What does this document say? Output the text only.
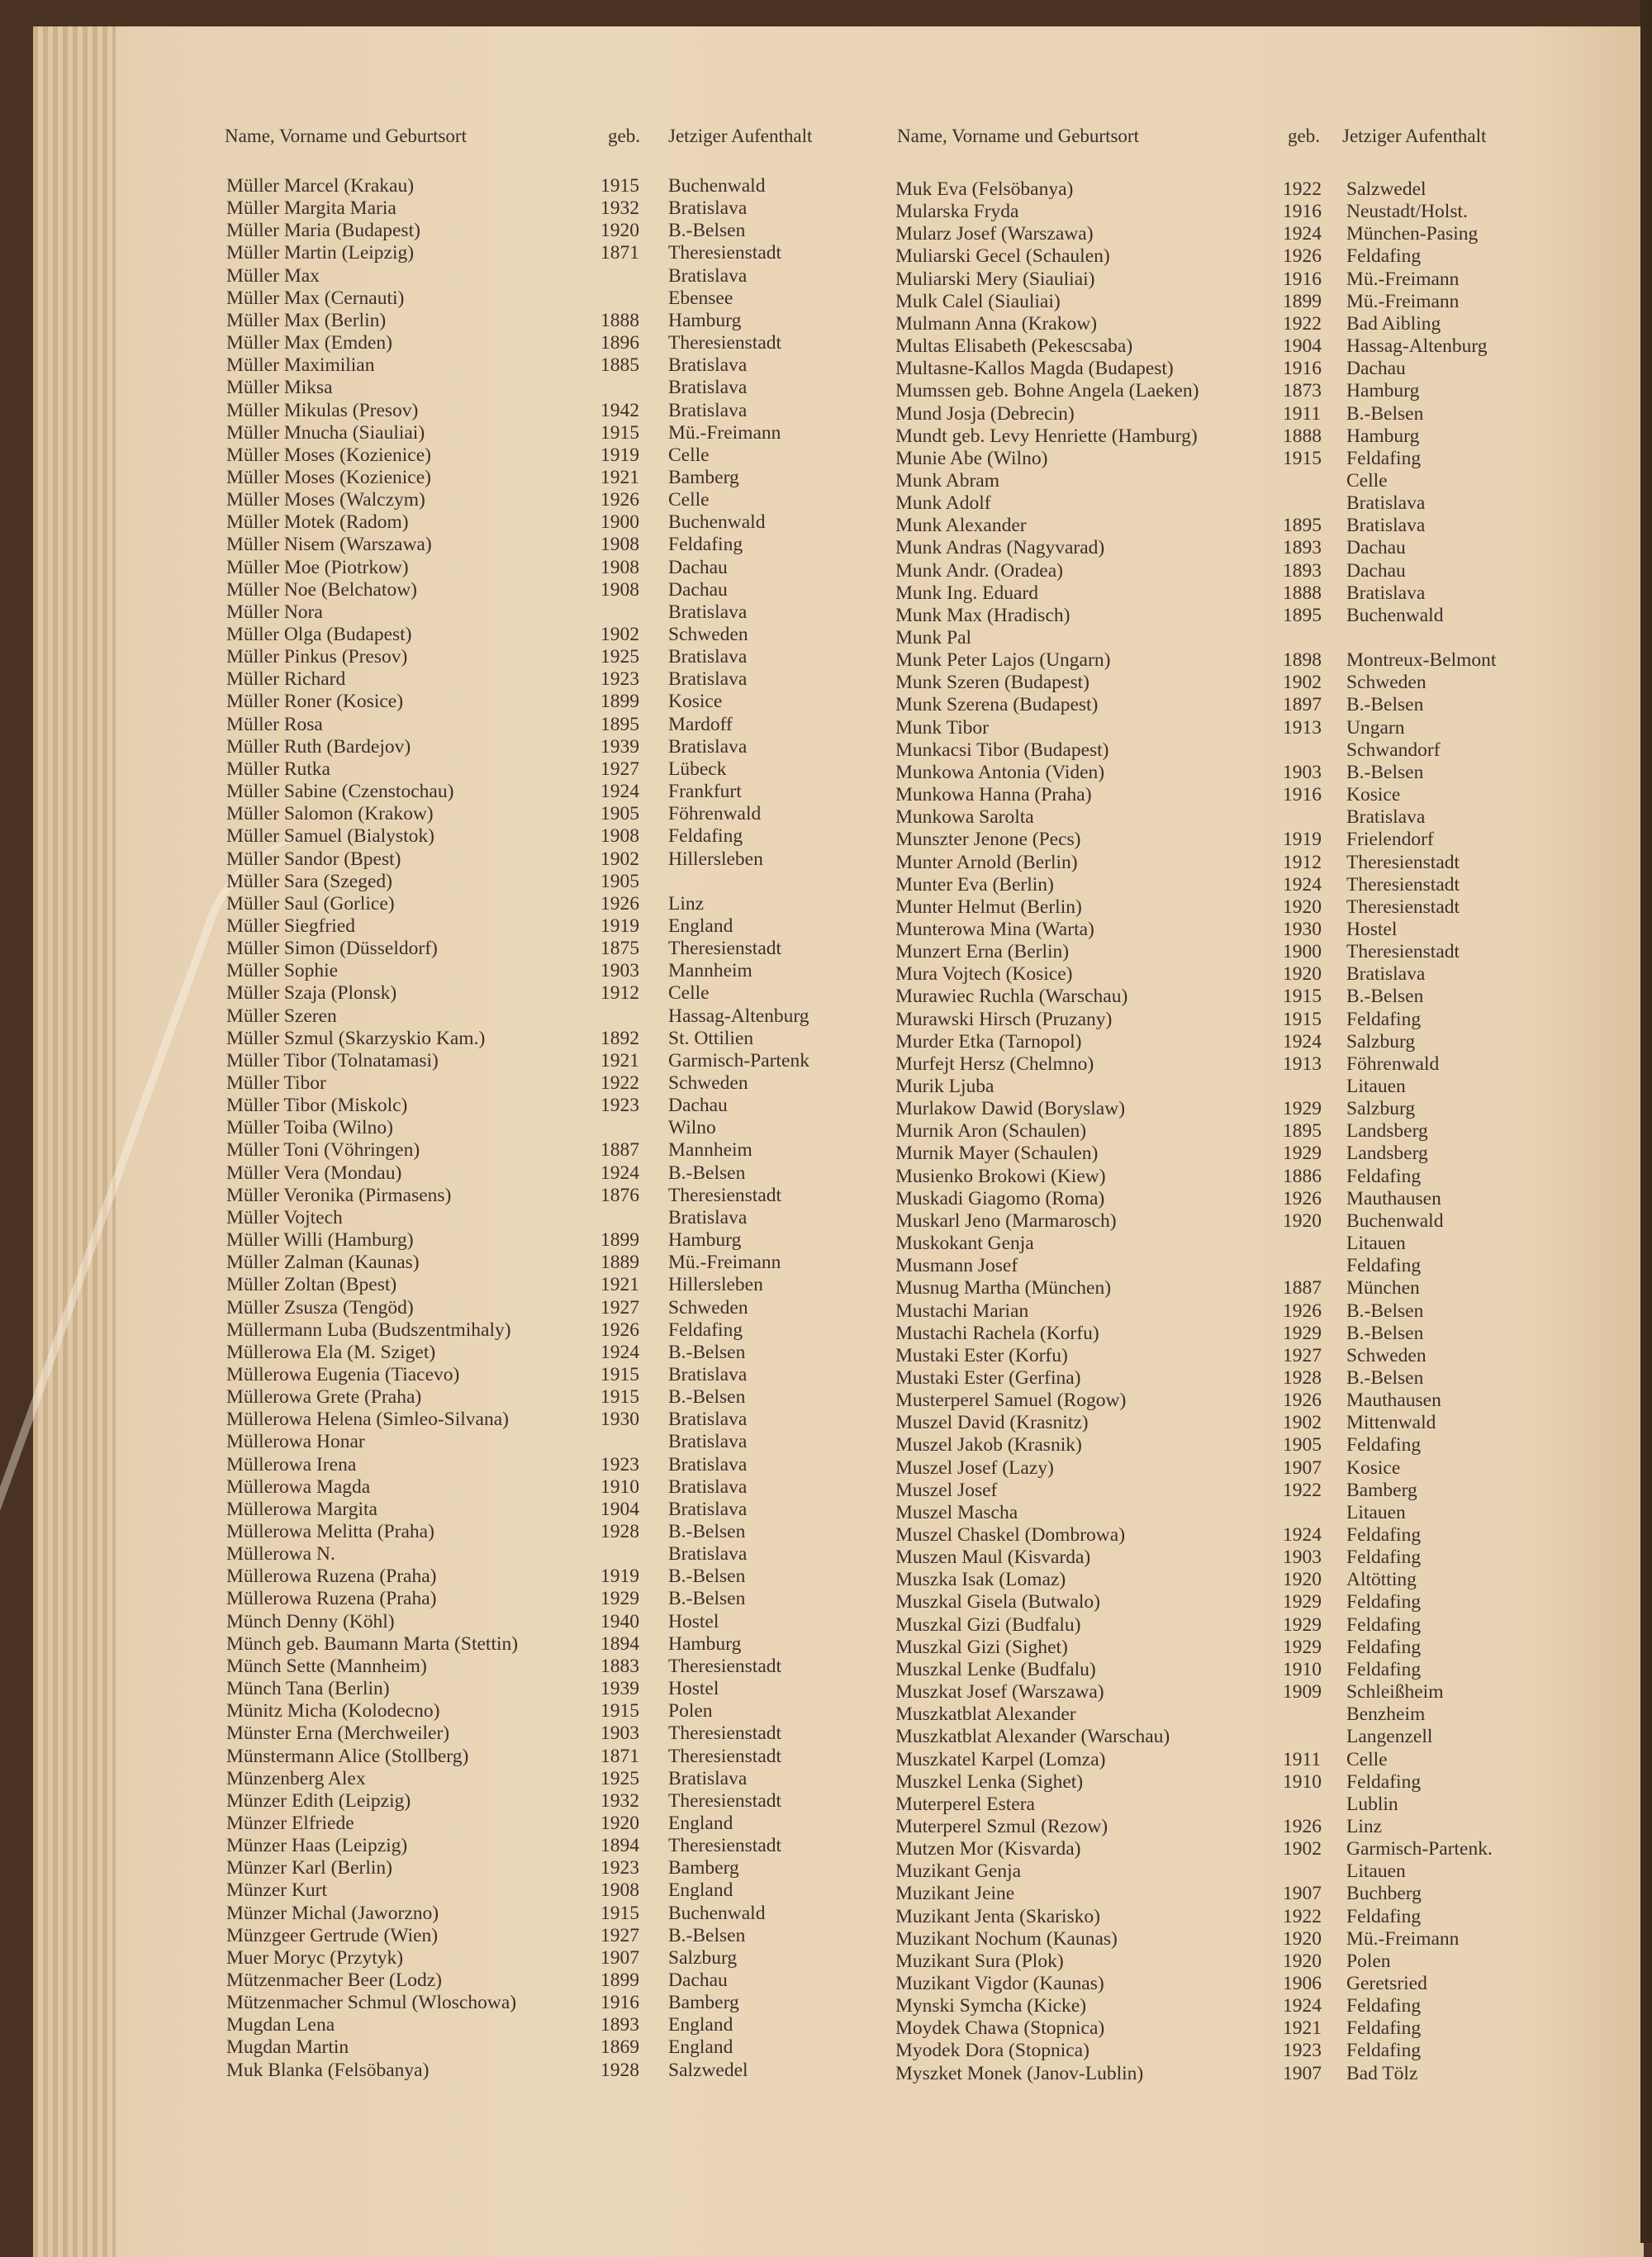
Name, Vorname und Geburtsort	geb. Jetziger Aufenthalt	Name, Vorname und Geburtsort	geb. Jetziger Aufenthalt
Müller Marcel (Krakau)	1915 Buchenwald
Müller Margita Maria	1932 Bratislava
Müller Maria (Budapest)	1920 B.-Belsen
Müller Martin (Leipzig)	1871 Theresienstadt
Müller Max	Bratislava
Müller Max (Cernauti)	Ebensee
Müller Max (Berlin)	1888 Hamburg
Müller Max (Emden)	1896 Theresienstadt
Müller Maximilian	1885 Bratislava
Müller Miksa	Bratislava
Müller Mikulas (Presov)	1942 Bratislava
Müller Mnucha (Siauliai)	1915 Mü.-Freimann
Müller Moses (Kozienice)	1919 Celle
Müller Moses (Kozienice)	1921 Bamberg
Müller Moses (Walczym)	1926 Celle
Müller Motek (Radom)	1900 Buchenwald
Müller Nisem (Warszawa)	1908 Feldafing
Müller Moe (Piotrkow)	1908 Dachau
Müller Noe (Belchatow)	1908 Dachau
Müller Nora	Bratislava
Müller Olga (Budapest)	1902 Schweden
Müller Pinkus (Presov)	1925 Bratislava
Müller Richard	1923 Bratislava
Müller Roner (Kosice)	1899 Kosice
Müller Rosa	1895 Mardoff
Müller Ruth (Bardejov)	1939 Bratislava
Müller Rutka	1927 Lübeck
Müller Sabine (Czenstochau)	1924 Frankfurt
Müller Salomon (Krakow)	1905 Föhrenwald
Müller Samuel (Bialystok)	1908 Feldafing
Müller Sandor (Bpest)	1902 Hillersleben
Müller Sara (Szeged)	1905
Müller Saul (Gorlice)	1926 Linz
Müller Siegfried	1919 England
Müller Simon (Düsseldorf)	1875 Theresienstadt
Müller Sophie	1903 Mannheim
Müller Szaja (Plonsk)	1912 Celle
Müller Szeren	Hassag-Altenburg
Müller Szmul (Skarzyskio Kam.)	1892 St. Ottilien
Müller Tibor (Tolnatamasi)	1921 Garmisch-Partenk
Müller Tibor	1922 Schweden
Müller Tibor (Miskolc)	1923 Dachau
Müller Toiba (Wilno)	Wilno
Müller Toni (Vöhringen)	1887 Mannheim
Müller Vera (Mondau)	1924 B.-Belsen
Müller Veronika (Pirmasens)	1876 Theresienstadt
Müller Vojtech	Bratislava
Müller Willi (Hamburg)	1899 Hamburg
Müller Zalman (Kaunas)	1889 Mü.-Freimann
Müller Zoltan (Bpest)	1921 Hillersleben
Müller Zsusza (Tengöd)	1927 Schweden
Müllermann Luba (Budszentmihaly)	1926 Feldafing
Müllerowa Ela (M. Sziget)	1924 B.-Belsen
Müllerowa Eugenia (Tiacevo)	1915 Bratislava
Müllerowa Grete (Praha)	1915 B.-Belsen
Müllerowa Helena (Simleo-Silvana)	1930 Bratislava
Müllerowa Honar	Bratislava
Müllerowa Irena	1923 Bratislava
Müllerowa Magda	1910 Bratislava
Müllerowa Margita	1904 Bratislava
Müllerowa Melitta (Praha)	1928 B.-Belsen
Müllerowa N.	Bratislava
Müllerowa Ruzena (Praha)	1919 B.-Belsen
Müllerowa Ruzena (Praha)	1929 B.-Belsen
Münch Denny (Köhl)	1940 Hostel
Münch geb. Baumann Marta (Stettin)	1894 Hamburg
Münch Sette (Mannheim)	1883 Theresienstadt
Münch Tana (Berlin)	1939 Hostel
Münitz Micha (Kolodecno)	1915 Polen
Münster Erna (Merchweiler)	1903 Theresienstadt
Münstermann Alice (Stollberg)	1871 Theresienstadt
Münzenberg Alex	1925 Bratislava
Münzer Edith (Leipzig)	1932 Theresienstadt
Münzer Elfriede	1920 England
Münzer Haas (Leipzig)	1894 Theresienstadt
Münzer Karl (Berlin)	1923 Bamberg
Münzer Kurt	1908 England
Münzer Michal (Jaworzno)	1915 Buchenwald
Münzgeer Gertrude (Wien)	1927 B.-Belsen
Muer Moryc (Przytyk)	1907 Salzburg
Mützenmacher Beer (Lodz)	1899 Dachau
Mützenmacher Schmul (Wloschowa)	1916 Bamberg
Mugdan Lena	1893 England
Mugdan Martin	1869 England
Muk Blanka (Felsöbanya)	1928 Salzwedel
Muk Eva (Felsöbanya)	1922 Salzwedel
Mularska Fryda	1916 Neustadt/Holst.
Mularz Josef (Warszawa)	1924 München-Pasing
Muliarski Gecel (Schaulen)	1926 Feldafing
Muliarski Mery (Siauliai)	1916 Mü.-Freimann
Mulk Calel (Siauliai)	1899 Mü.-Freimann
Mulmann Anna (Krakow)	1922 Bad Aibling
Multas Elisabeth (Pekescsaba)	1904 Hassag-Altenburg
Multasne-Kallos Magda (Budapest)	1916 Dachau
Mumssen geb. Bohne Angela (Laeken)	1873 Hamburg
Mund Josja (Debrecin)	1911 B.-Belsen
Mundt geb. Levy Henriette (Hamburg)	1888 Hamburg
Munie Abe (Wilno)	1915 Feldafing
Munk Abram	Celle
Munk Adolf	Bratislava
Munk Alexander	1895 Bratislava
Munk Andras (Nagyvarad)	1893 Dachau
Munk Andr. (Oradea)	1893 Dachau
Munk Ing. Eduard	1888 Bratislava
Munk Max (Hradisch)	1895 Buchenwald
Munk Pal
Munk Peter Lajos (Ungarn)	1898 Montreux-Belmont
Munk Szeren (Budapest)	1902 Schweden
Munk Szerena (Budapest)	1897 B.-Belsen
Munk Tibor	1913 Ungarn
Munkacsi Tibor (Budapest)	Schwandorf
Munkowa Antonia (Viden)	1903 B.-Belsen
Munkowa Hanna (Praha)	1916 Kosice
Munkowa Sarolta	Bratislava
Munszter Jenone (Pecs)	1919 Frielendorf
Munter Arnold (Berlin)	1912 Theresienstadt
Munter Eva (Berlin)	1924 Theresienstadt
Munter Helmut (Berlin)	1920 Theresienstadt
Munterowa Mina (Warta)	1930 Hostel
Munzert Erna (Berlin)	1900 Theresienstadt
Mura Vojtech (Kosice)	1920 Bratislava
Murawiec Ruchla (Warschau)	1915 B.-Belsen
Murawski Hirsch (Pruzany)	1915 Feldafing
Murder Etka (Tarnopol)	1924 Salzburg
Murfejt Hersz (Chelmno)	1913 Föhrenwald
Murik Ljuba	Litauen
Murlakow Dawid (Boryslaw)	1929 Salzburg
Murnik Aron (Schaulen)	1895 Landsberg
Murnik Mayer (Schaulen)	1929 Landsberg
Musienko Brokowi (Kiew)	1886 Feldafing
Muskadi Giagomo (Roma)	1926 Mauthausen
Muskarl Jeno (Marmarosch)	1920 Buchenwald
Muskokant Genja	Litauen
Musmann Josef	Feldafing
Musnug Martha (München)	1887 München
Mustachi Marian	1926 B.-Belsen
Mustachi Rachela (Korfu)	1929 B.-Belsen
Mustaki Ester (Korfu)	1927 Schweden
Mustaki Ester (Gerfina)	1928 B.-Belsen
Musterperel Samuel (Rogow)	1926 Mauthausen
Muszel David (Krasnitz)	1902 Mittenwald
Muszel Jakob (Krasnik)	1905 Feldafing
Muszel Josef (Lazy)	1907 Kosice
Muszel Josef	1922 Bamberg
Muszel Mascha	Litauen
Muszel Chaskel (Dombrowa)	1924 Feldafing
Muszen Maul (Kisvarda)	1903 Feldafing
Muszka Isak (Lomaz)	1920 Altötting
Muszkal Gisela (Butwalo)	1929 Feldafing
Muszkal Gizi (Budfalu)	1929 Feldafing
Muszkal Gizi (Sighet)	1929 Feldafing
Muszkal Lenke (Budfalu)	1910 Feldafing
Muszkat Josef (Warszawa)	1909 Schleißheim
Muszkatblat Alexander	Benzheim
Muszkatblat Alexander (Warschau)	Langenzell
Muszkatel Karpel (Lomza)	1911 Celle
Muszkel Lenka (Sighet)	1910 Feldafing
Muterperel Estera	Lublin
Muterperel Szmul (Rezow)	1926 Linz
Mutzen Mor (Kisvarda)	1902 Garmisch-Partenk.
Muzikant Genja	Litauen
Muzikant Jeine	1907 Buchberg
Muzikant Jenta (Skarisko)	1922 Feldafing
Muzikant Nochum (Kaunas)	1920 Mü.-Freimann
Muzikant Sura (Plok)	1920 Polen
Muzikant Vigdor (Kaunas)	1906 Geretsried
Mynski Symcha (Kicke)	1924 Feldafing
Moydek Chawa (Stopnica)	1921 Feldafing
Myodek Dora (Stopnica)	1923 Feldafing
Myszket Monek (Janov-Lublin)	1907 Bad Tölz
